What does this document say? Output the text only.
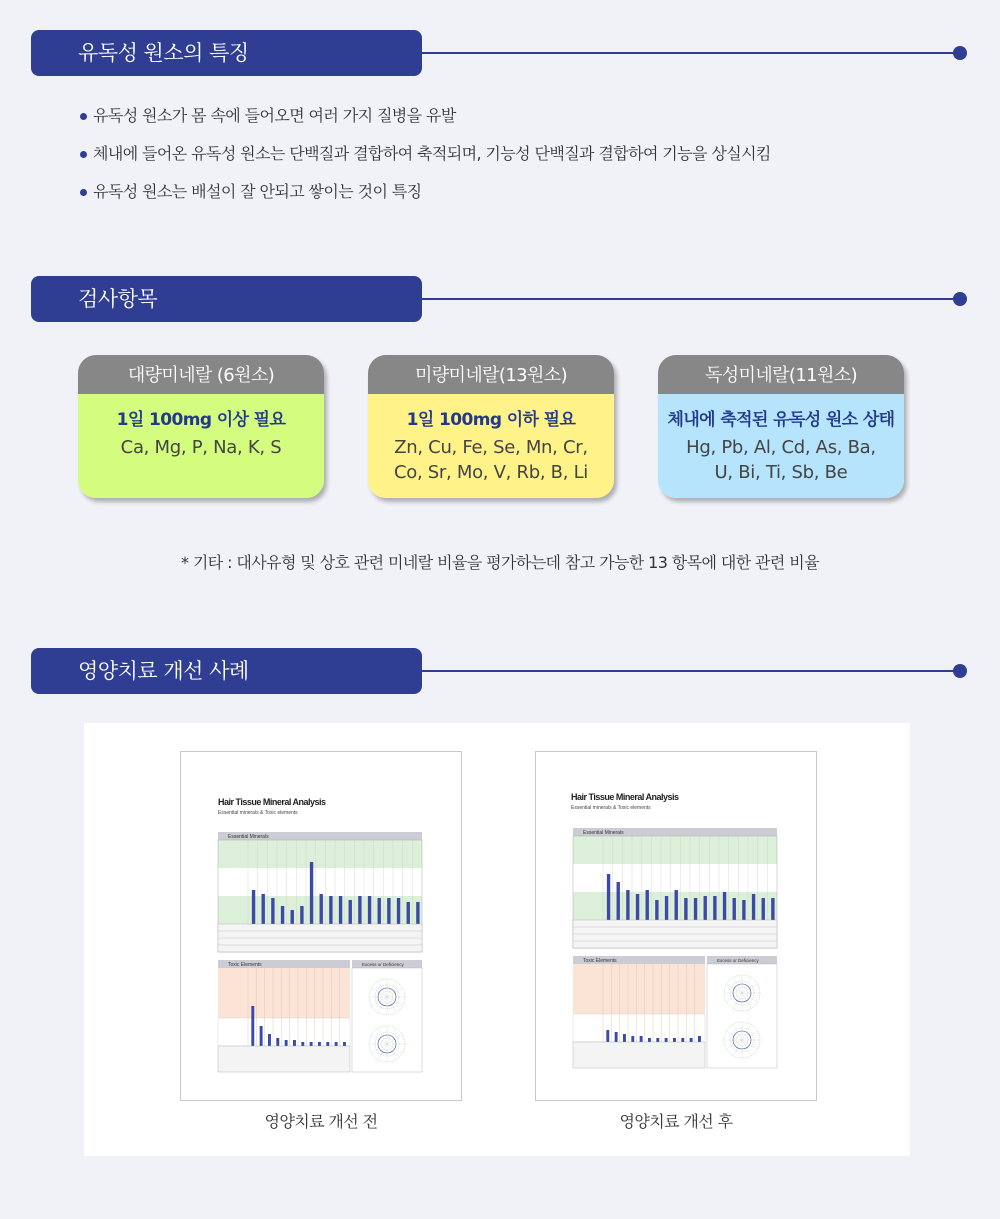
유독성 원소의 특징
유독성 원소가 몸 속에 들어오면 여러 가지 질병을 유발
체내에 들어온 유독성 원소는 단백질과 결합하여 축적되며, 기능성 단백질과 결합하여 기능을 상실시킴
유독성 원소는 배설이 잘 안되고 쌓이는 것이 특징
검사항목
대량미네랄 (6원소)
1일 100mg 이상 필요
Ca, Mg, P, Na, K, S
미량미네랄(13원소)
1일 100mg 이하 필요
Zn, Cu, Fe, Se, Mn, Cr, Co, Sr, Mo, V, Rb, B, Li
독성미네랄(11원소)
체내에 축적된 유독성 원소 상태
Hg, Pb, Al, Cd, As, Ba, U, Bi, Ti, Sb, Be
* 기타 : 대사유형 및 상호 관련 미네랄 비율을 평가하는데 참고 가능한 13 항목에 대한 관련 비율
영양치료 개선 사례
Essential Minerals
Toxic Elements	Excess or Deficiency
Hair Tissue Mineral Analysis
Essential minerals & Toxic elements
영양치료 개선 전
Essential Minerals
Toxic Elements	Excess or Deficiency
Hair Tissue Mineral Analysis
Essential minerals & Toxic elements
영양치료 개선 후
